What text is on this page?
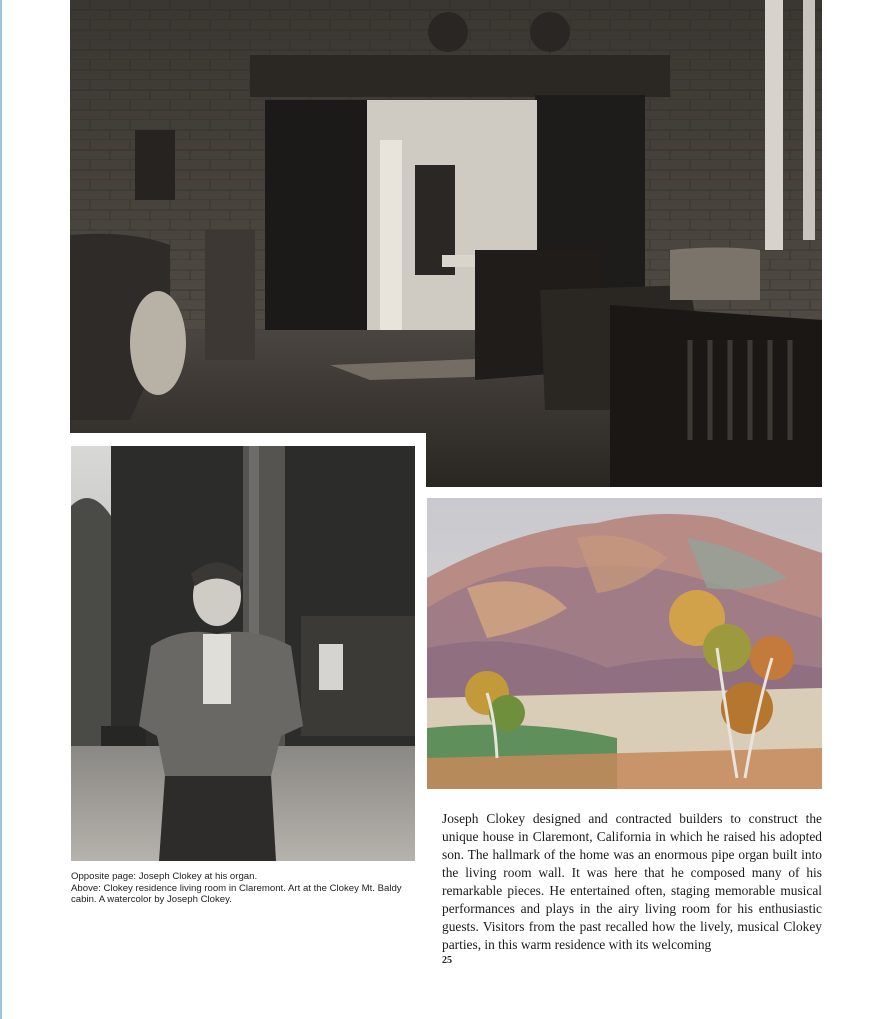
Opposite page: Joseph Clokey at his organ.
Above: Clokey residence living room in Claremont. Art at the Clokey Mt. Baldy
cabin. A watercolor by Joseph Clokey.
Joseph Clokey designed and contracted builders to construct the unique house in Claremont, California in which he raised his adopted son. The hallmark of the home was an enormous pipe organ built into the living room wall. It was here that he composed many of his remarkable pieces. He entertained often, staging memorable musical performances and plays in the airy living room for his enthusiastic guests. Visitors from the past recalled how the lively, musical Clokey parties, in this warm residence with its welcoming
25
